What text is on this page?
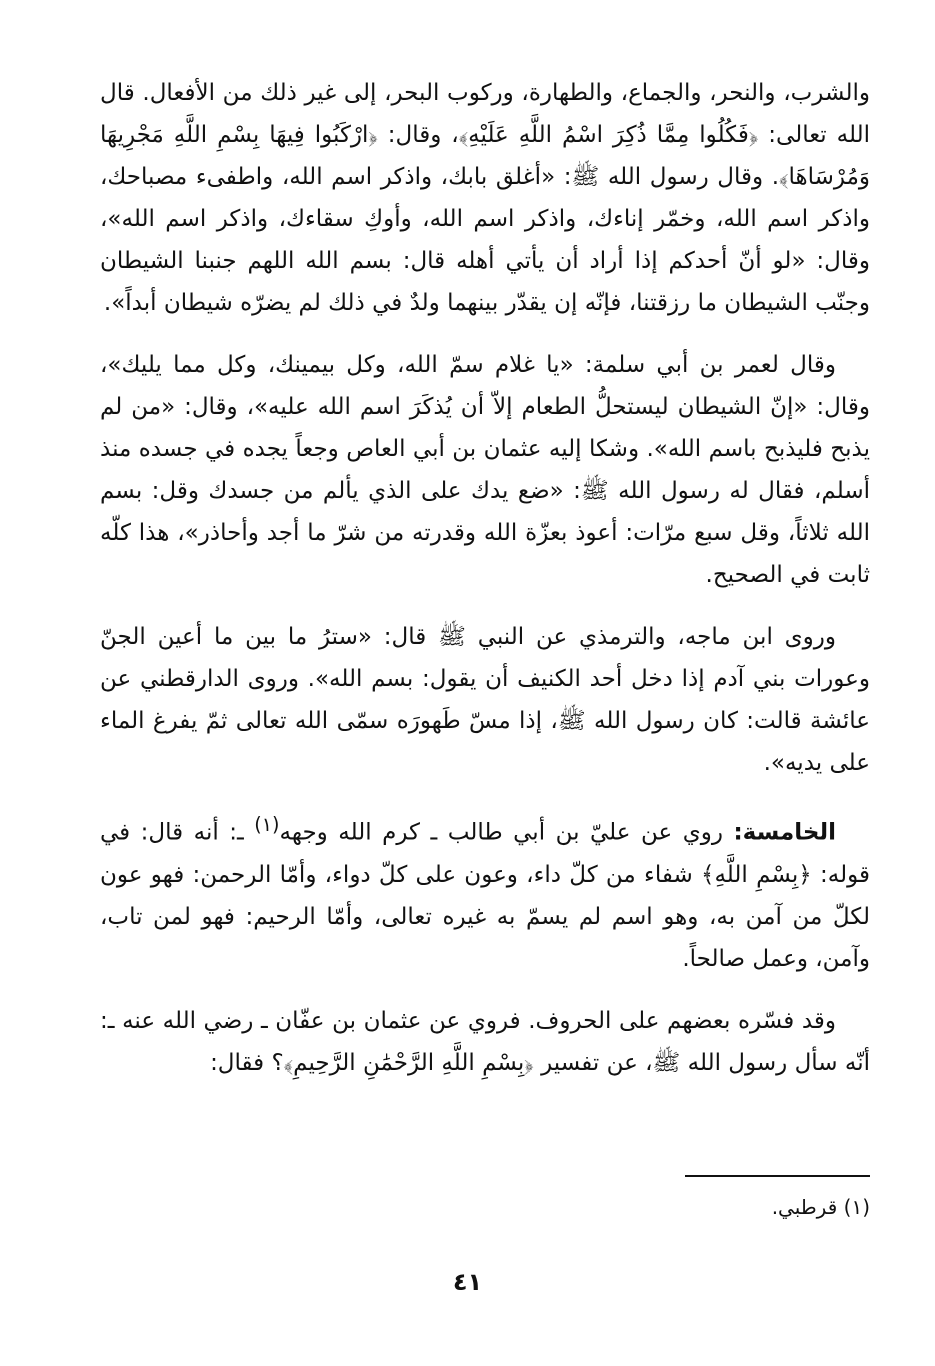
والشرب، والنحر، والجماع، والطهارة، وركوب البحر، إلى غير ذلك من الأفعال. قال الله تعالى: ﴿فَكُلُوا مِمَّا ذُكِرَ اسْمُ اللَّهِ عَلَيْهِ﴾، وقال: ﴿ارْكَبُوا فِيهَا بِسْمِ اللَّهِ مَجْرِيهَا وَمُرْسَاهَا﴾. وقال رسول الله ﷺ: «أغلق بابك، واذكر اسم الله، واطفىء مصباحك، واذكر اسم الله، وخمّر إناءك، واذكر اسم الله، وأوكِ سقاءك، واذكر اسم الله»، وقال: «لو أنّ أحدكم إذا أراد أن يأتي أهله قال: بسم الله اللهم جنبنا الشيطان وجنّب الشيطان ما رزقتنا، فإنّه إن يقدّر بينهما ولدٌ في ذلك لم يضرّه شيطان أبداً».

وقال لعمر بن أبي سلمة: «يا غلام سمّ الله، وكل بيمينك، وكل مما يليك»، وقال: «إنّ الشيطان ليستحلُّ الطعام إلاّ أن يُذكَرَ اسم الله عليه»، وقال: «من لم يذبح فليذبح باسم الله». وشكا إليه عثمان بن أبي العاص وجعاً يجده في جسده منذ أسلم، فقال له رسول الله ﷺ: «ضع يدك على الذي يألم من جسدك وقل: بسم الله ثلاثاً، وقل سبع مرّات: أعوذ بعزّة الله وقدرته من شرّ ما أجد وأحاذر»، هذا كلّه ثابت في الصحيح.

وروى ابن ماجه، والترمذي عن النبي ﷺ قال: «سترُ ما بين ما أعين الجنّ وعورات بني آدم إذا دخل أحد الكنيف أن يقول: بسم الله». وروى الدارقطني عن عائشة قالت: كان رسول الله ﷺ، إذا مسّ طَهورَه سمّى الله تعالى ثمّ يفرغ الماء على يديه».

الخامسة: روي عن عليّ بن أبي طالب ـ كرم الله وجهه$^{(١)}$ ـ: أنه قال: في قوله: ﴿بِسْمِ اللَّهِ﴾ شفاء من كلّ داء، وعون على كلّ دواء، وأمّا الرحمن: فهو عون لكلّ من آمن به، وهو اسم لم يسمّ به غيره تعالى، وأمّا الرحيم: فهو لمن تاب، وآمن، وعمل صالحاً.

وقد فسّره بعضهم على الحروف. فروي عن عثمان بن عفّان ـ رضي الله عنه ـ: أنّه سأل رسول الله ﷺ، عن تفسير ﴿بِسْمِ اللَّهِ الرَّحْمَٰنِ الرَّحِيمِ﴾؟ فقال:

(١) قرطبي.
٤١
